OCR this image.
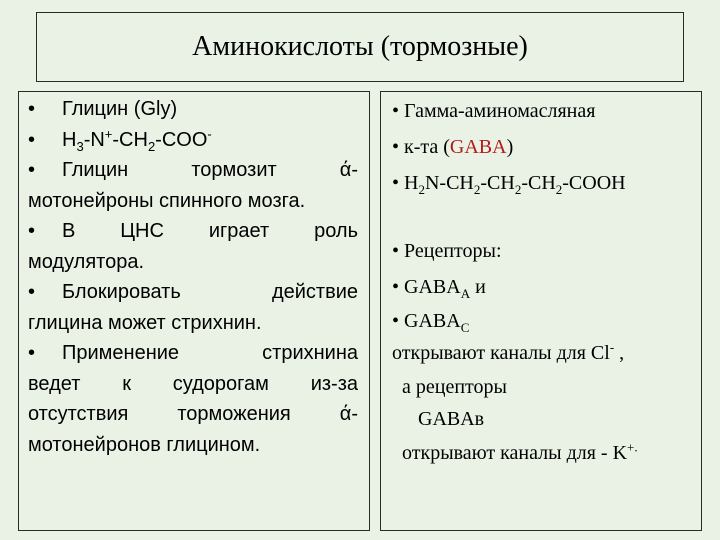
Аминокислоты (тормозные)

• Глицин (Gly)

• $H_3-N^+-CH_2-COO^-$

• Глицин	тормозит	ά-
мотонейроны спинного мозга.

• В ЦНС играет роль
модулятора.

• Блокировать	действие
глицина может стрихнин.

• Применение	стрихнина
ведет к судорогам из-за
отсутствия торможения ά-
мотонейронов глицином.

• Гамма-аминомасляная
• к-та (GABA)
• $H_2N-CH_2-CH_2-CH_2$-COOH
• Рецепторы:
• $GABA_A$ и
• $GABA_C$
открывают каналы для Cl- ,
а рецепторы
GABAв
открывают каналы для - K+.
